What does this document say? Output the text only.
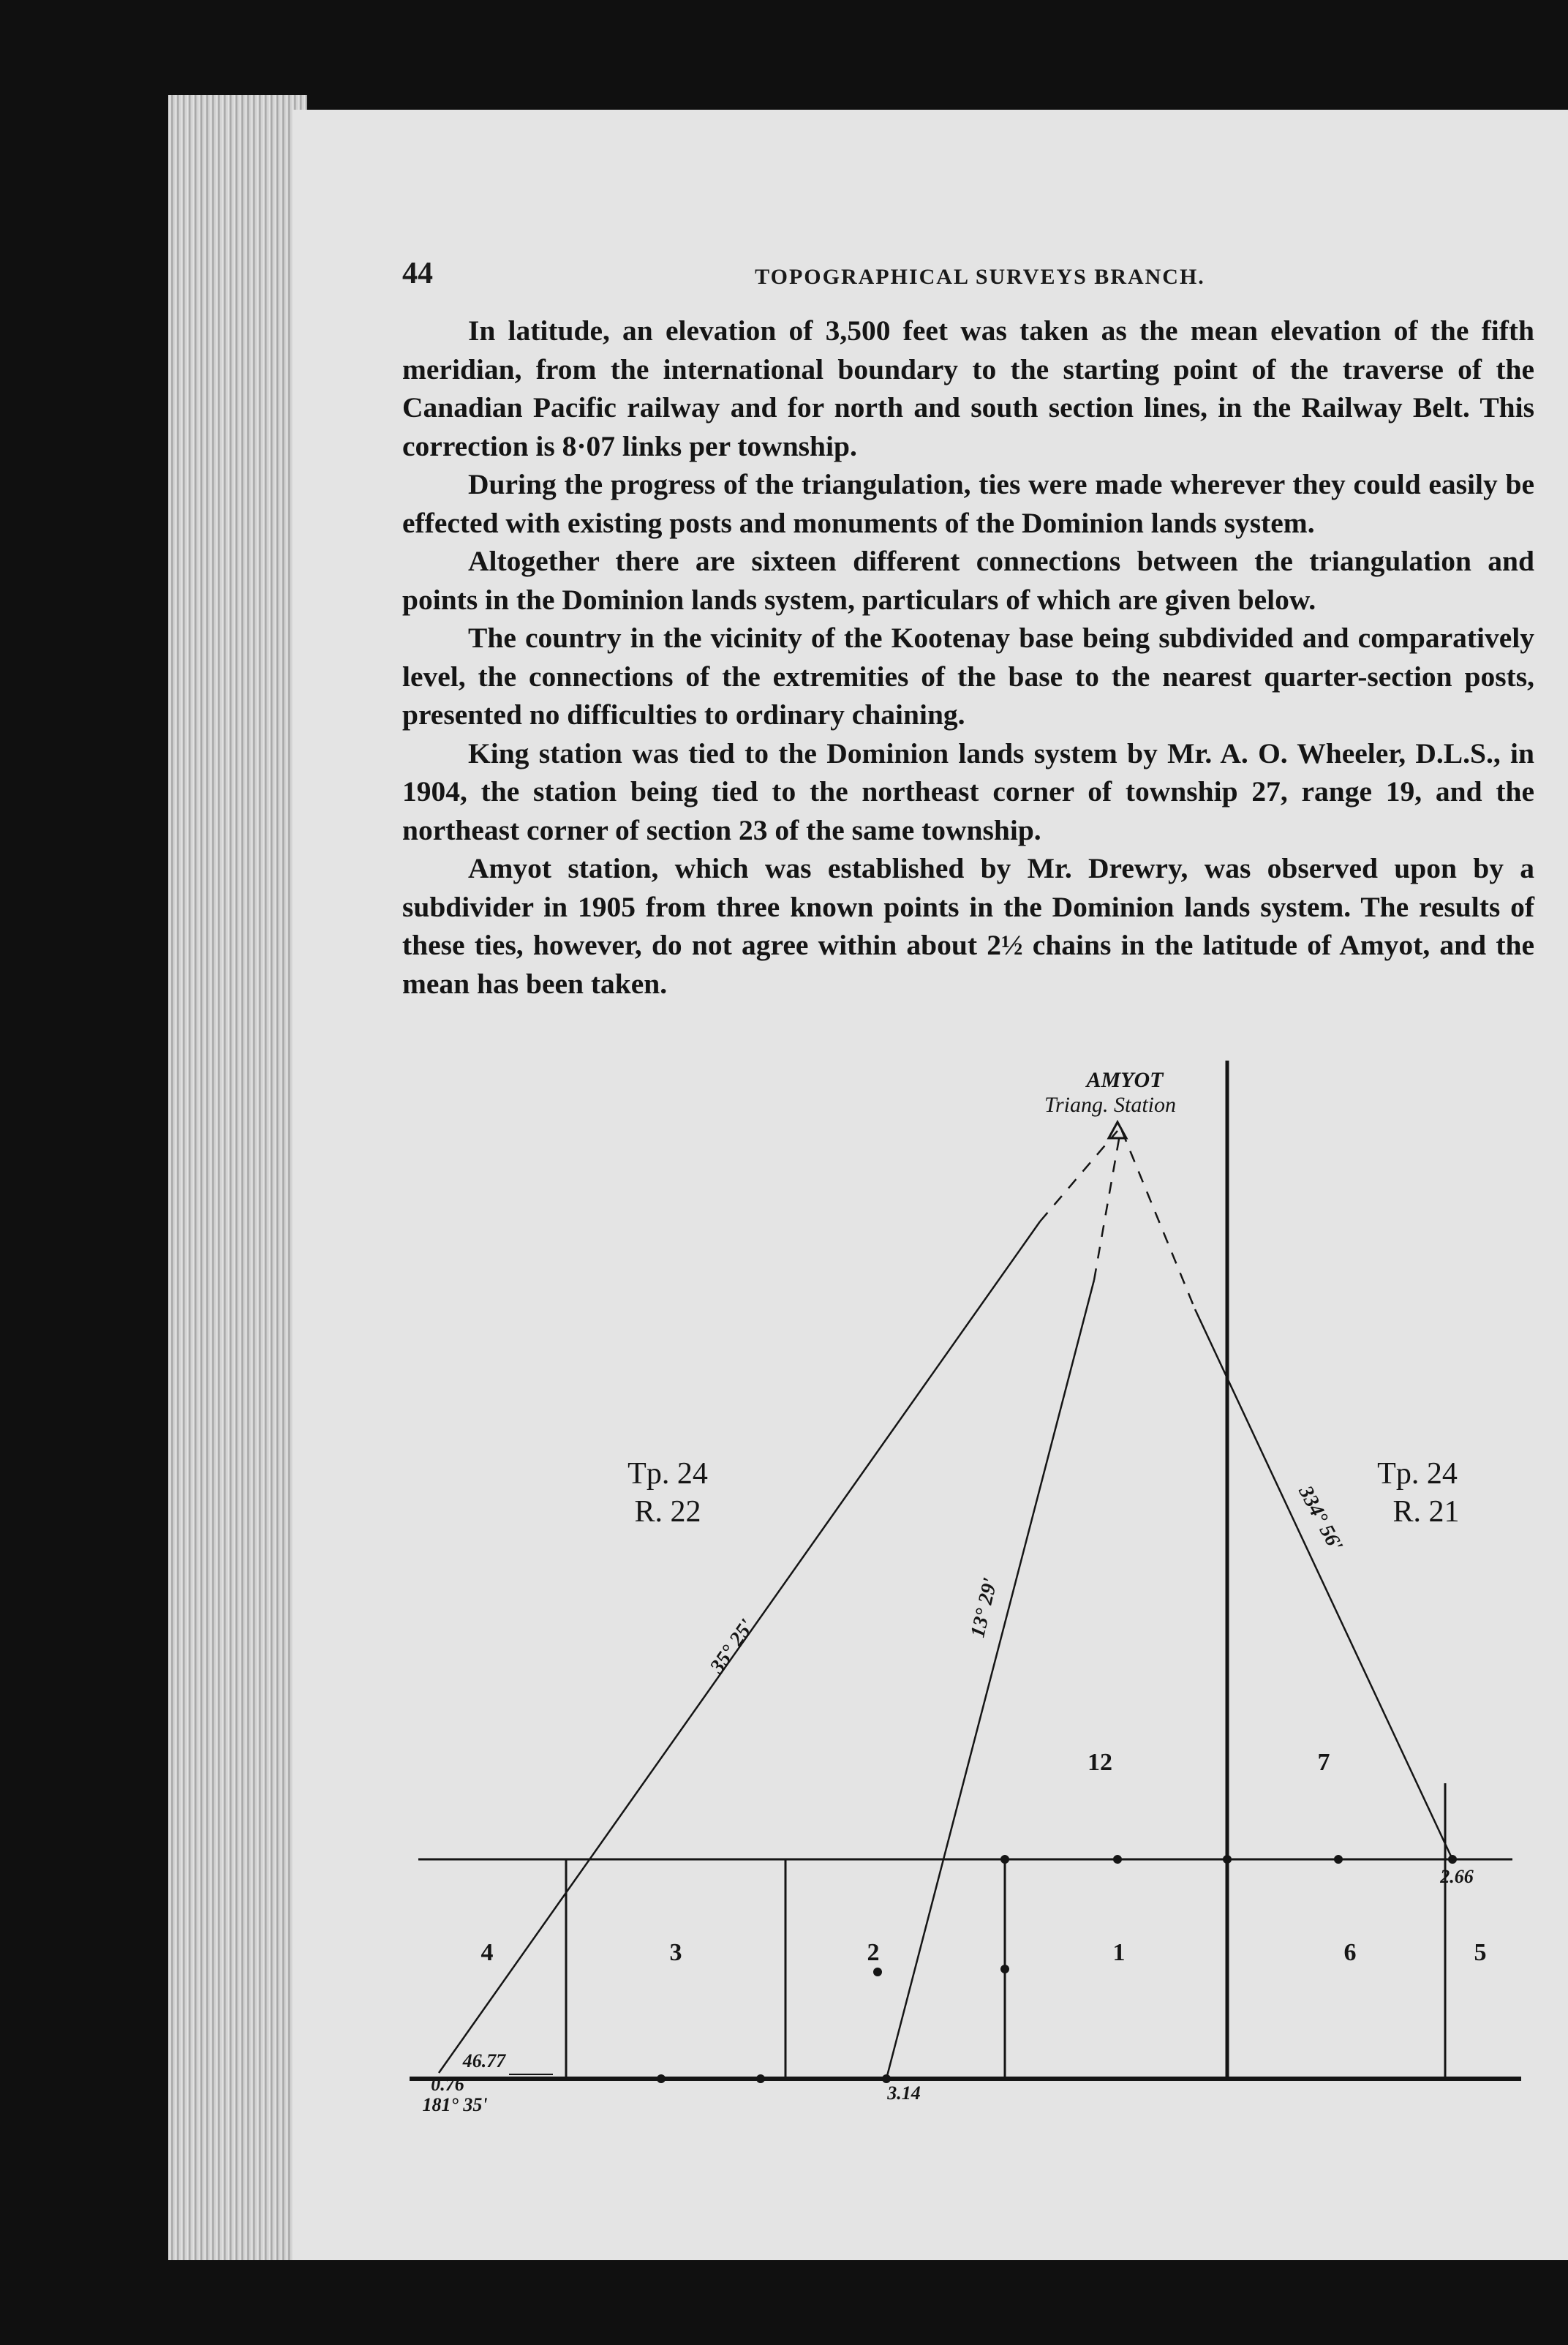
44	TOPOGRAPHICAL SURVEYS BRANCH.

In latitude, an elevation of 3,500 feet was taken as the mean elevation of the fifth meridian, from the international boundary to the starting point of the traverse of the Canadian Pacific railway and for north and south section lines, in the Railway Belt. This correction is 8·07 links per township.

During the progress of the triangulation, ties were made wherever they could easily be effected with existing posts and monuments of the Dominion lands system.

Altogether there are sixteen different connections between the triangulation and points in the Dominion lands system, particulars of which are given below.

The country in the vicinity of the Kootenay base being subdivided and comparatively level, the connections of the extremities of the base to the nearest quarter-section posts, presented no difficulties to ordinary chaining.

King station was tied to the Dominion lands system by Mr. A. O. Wheeler, D.L.S., in 1904, the station being tied to the northeast corner of township 27, range 19, and the northeast corner of section 23 of the same township.

Amyot station, which was established by Mr. Drewry, was observed upon by a subdivider in 1905 from three known points in the Dominion lands system. The results of these ties, however, do not agree within about 2½ chains in the latitude of Amyot, and the mean has been taken.

AMYOT
Triang. Station
Tp. 24
R. 22
Tp. 24
R. 21
35° 25'
13° 29'
334° 56'
4	3	2	1	6	5
12	7
46.77
0.76
181° 35'
3.14
2.66
